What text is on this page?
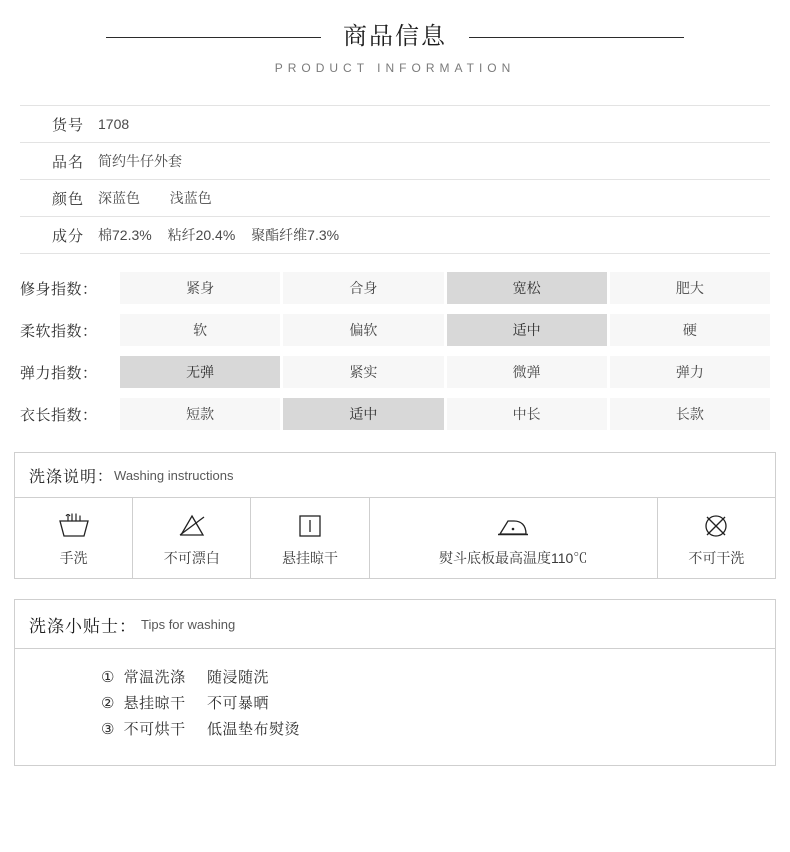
商品信息
PRODUCT INFORMATION
货号	1708
品名	简约牛仔外套
颜色	深蓝色 浅蓝色
成分	棉72.3% 粘纤20.4% 聚酯纤维7.3%
修身指数：	紧身	合身	宽松	肥大
柔软指数：	软	偏软	适中	硬
弹力指数：	无弹	紧实	微弹	弹力
衣长指数：	短款	适中	中长	长款
洗涤说明 ： Washing instructions
手洗	不可漂白	悬挂晾干	熨斗底板最高温度110℃	不可干洗
洗涤小贴士： Tips for washing
① 常温洗涤 随浸随洗
② 悬挂晾干 不可暴晒
③ 不可烘干 低温垫布熨烫
